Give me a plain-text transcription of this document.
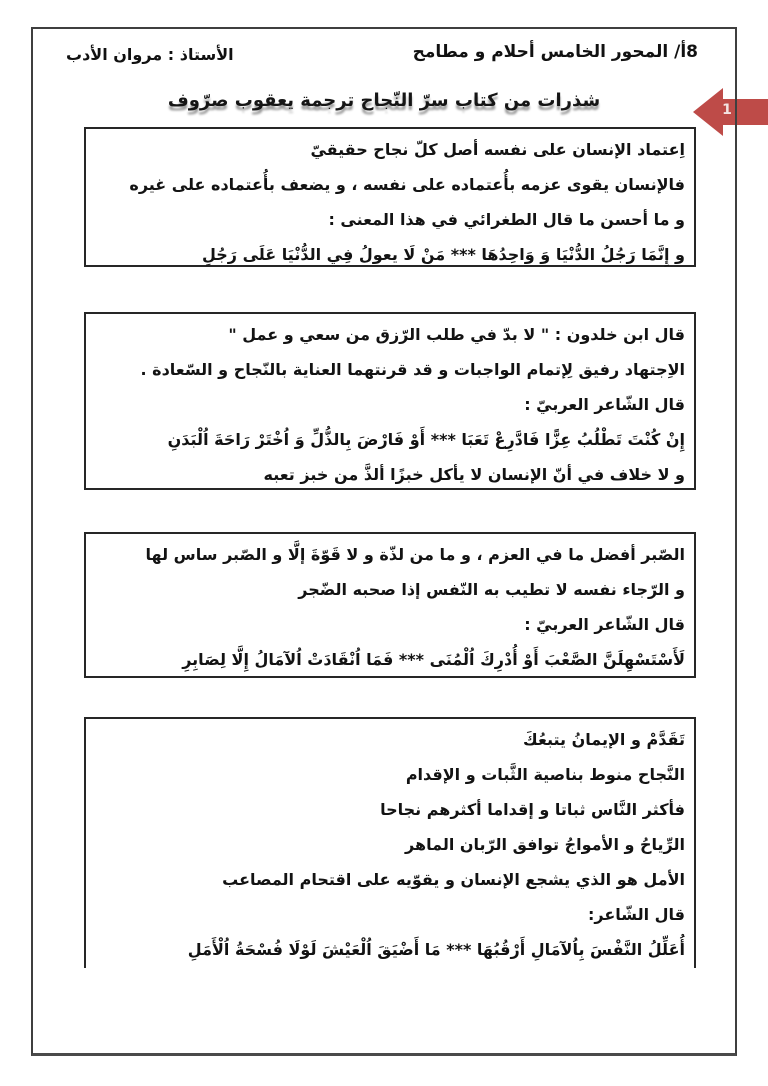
8أ/ المحور الخامس أحلام و مطامح
الأستاذ : مروان الأدب
شذرات من كتاب سرّ النّجاح ترجمة يعقوب صرّوف	1
اِعتماد الإنسان على نفسه أصل كلّ نجاح حقيقيّ
فالإنسان يقوى عزمه بأُعتماده على نفسه ، و يضعف بأُعتماده على غيره
و ما أحسن ما قال الطغرائي في هذا المعنى :
و إِنَّمَا رَجُلُ الدُّنْيَا وَ وَاحِدُهَا *** مَنْ لَا يعولُ فِي الدُّنْيَا عَلَى رَجُلِ
قال ابن خلدون : " لا بدّ في طلب الرّزق من سعي و عمل "
الاِجتهاد رفيق لِإتمام الواجبات و قد قرنتهما العناية بالنّجاح و السّعادة .
قال الشّاعر العربيّ :
إِنْ كُنْتَ تَطْلُبُ عِزًّا فَادَّرِعْ تَعَبَا *** أَوْ فَارْضَ بِالذُّلِّ وَ اُخْتَرْ رَاحَةَ اُلْبَدَنِ
و لا خلاف في أنّ الإنسان لا يأكل خبزًا ألذَّ من خبز تعبه
الصّبر أفضل ما في العزم ، و ما من لذّة و لا قَوّةَ إلَّا و الصّبر ساس لها
و الرّجاء نفسه لا تطيب به النّفس إذا صحبه الضّجر
قال الشّاعر العربيّ :
لَأَسْتَسْهِلَنَّ الصَّعْبَ أَوْ أُدْرِكَ اُلْمُنَى *** فَمَا اُنْقَادَتْ اُلآمَالُ إِلَّا لِصَابِرِ
تَقَدَّمْ و الإيمانُ يتبعُكَ
النَّجاح منوط بناصية الثَّبات و الإقدام
فأكثر النَّاس ثباتا و إقداما أكثرهم نجاحا
الرِّياحُ و الأمواجُ توافق الرّبان الماهر
الأمل هو الذي يشجع الإنسان و يقوّيه على اقتحام المصاعب
قال الشّاعر:
أُعَلِّلُ النَّفْسَ بِاُلآمَالِ أَرْقُبُهَا *** مَا أَضْيَقَ اُلْعَيْشَ لَوْلَا فُسْحَةُ اُلْأَمَلِ
